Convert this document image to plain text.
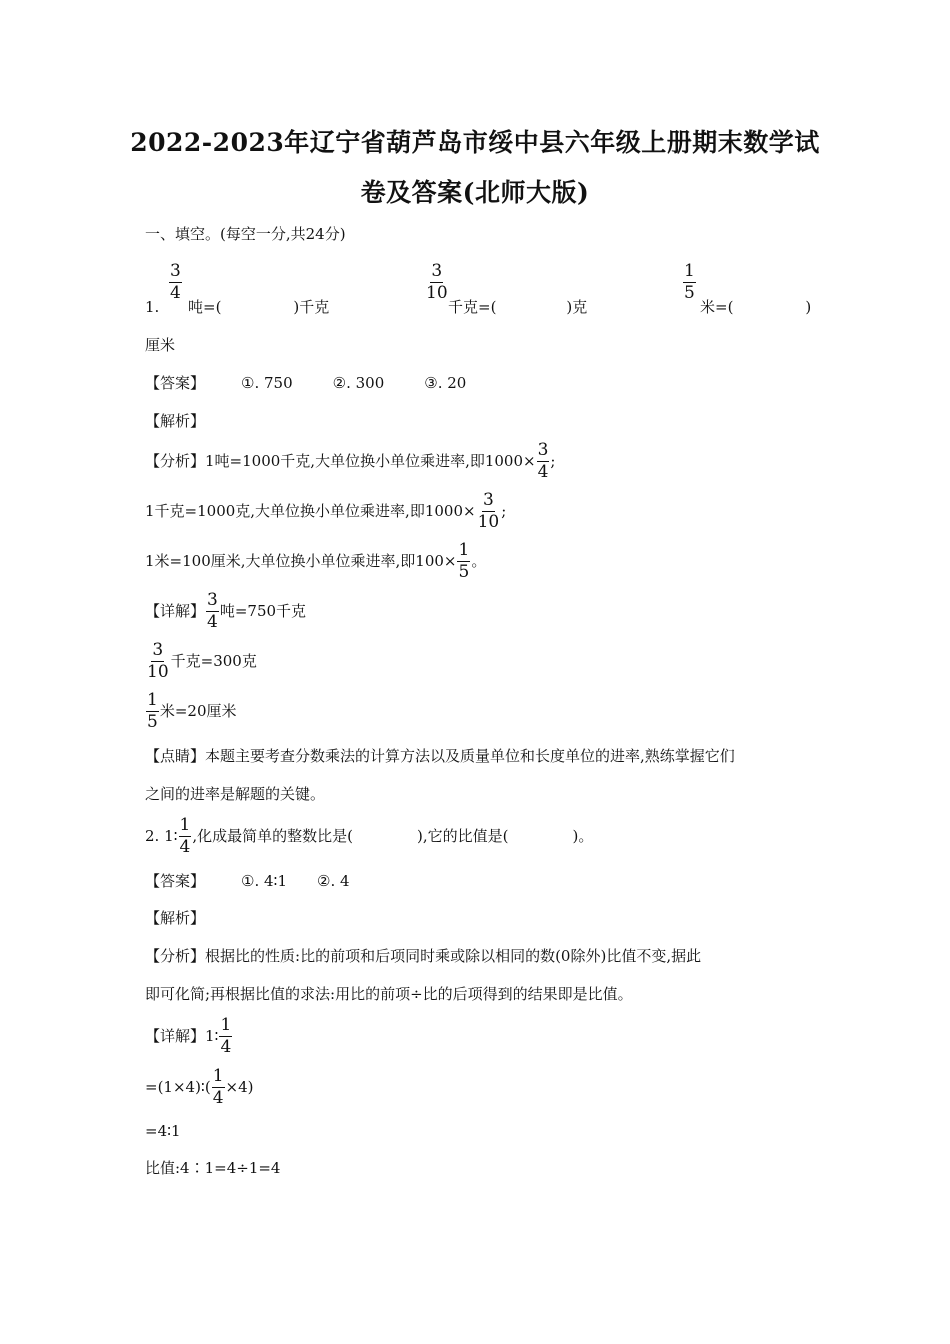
2022-2023年辽宁省葫芦岛市绥中县六年级上册期末数学试
卷及答案(北师大版)
一、填空。(每空一分,共24分)
1.
$\frac{3}{4}$
吨=(	)千克
$\frac{3}{10}$
千克=(	)克
$\frac{1}{5}$
米=(	)
厘米
【答案】 ①. 750	②. 300	③. 20
【解析】
【分析】1吨=1000千克,大单位换小单位乘进率,即$1000\times \frac{3}{4}$ ;
1千克=1000克,大单位换小单位乘进率,即$1000\times \frac{3}{10}$ ;
1米=100厘米,大单位换小单位乘进率,即$100\times \frac{1}{5}$ 。
【详解】 $\frac{3}{4}$ 吨=750千克
$\frac{3}{10}$ 千克=300克
$\frac{1}{5}$ 米=20厘米
【点睛】本题主要考查分数乘法的计算方法以及质量单位和长度单位的进率,熟练掌握它们
之间的进率是解题的关键。
2. 1∶ $\frac{1}{4}$ ,化成最简单的整数比是(	),它的比值是(	)。
【答案】 ①. 4∶1 ②. 4
【解析】
【分析】根据比的性质:比的前项和后项同时乘或除以相同的数(0除外)比值不变,据此
即可化简;再根据比值的求法:用比的前项÷比的后项得到的结果即是比值。
【详解】1∶ $\frac{1}{4}$
=(1×4)∶( $\frac{1}{4} \times 4$)
=4∶1
比值:4∶1=4÷1=4
